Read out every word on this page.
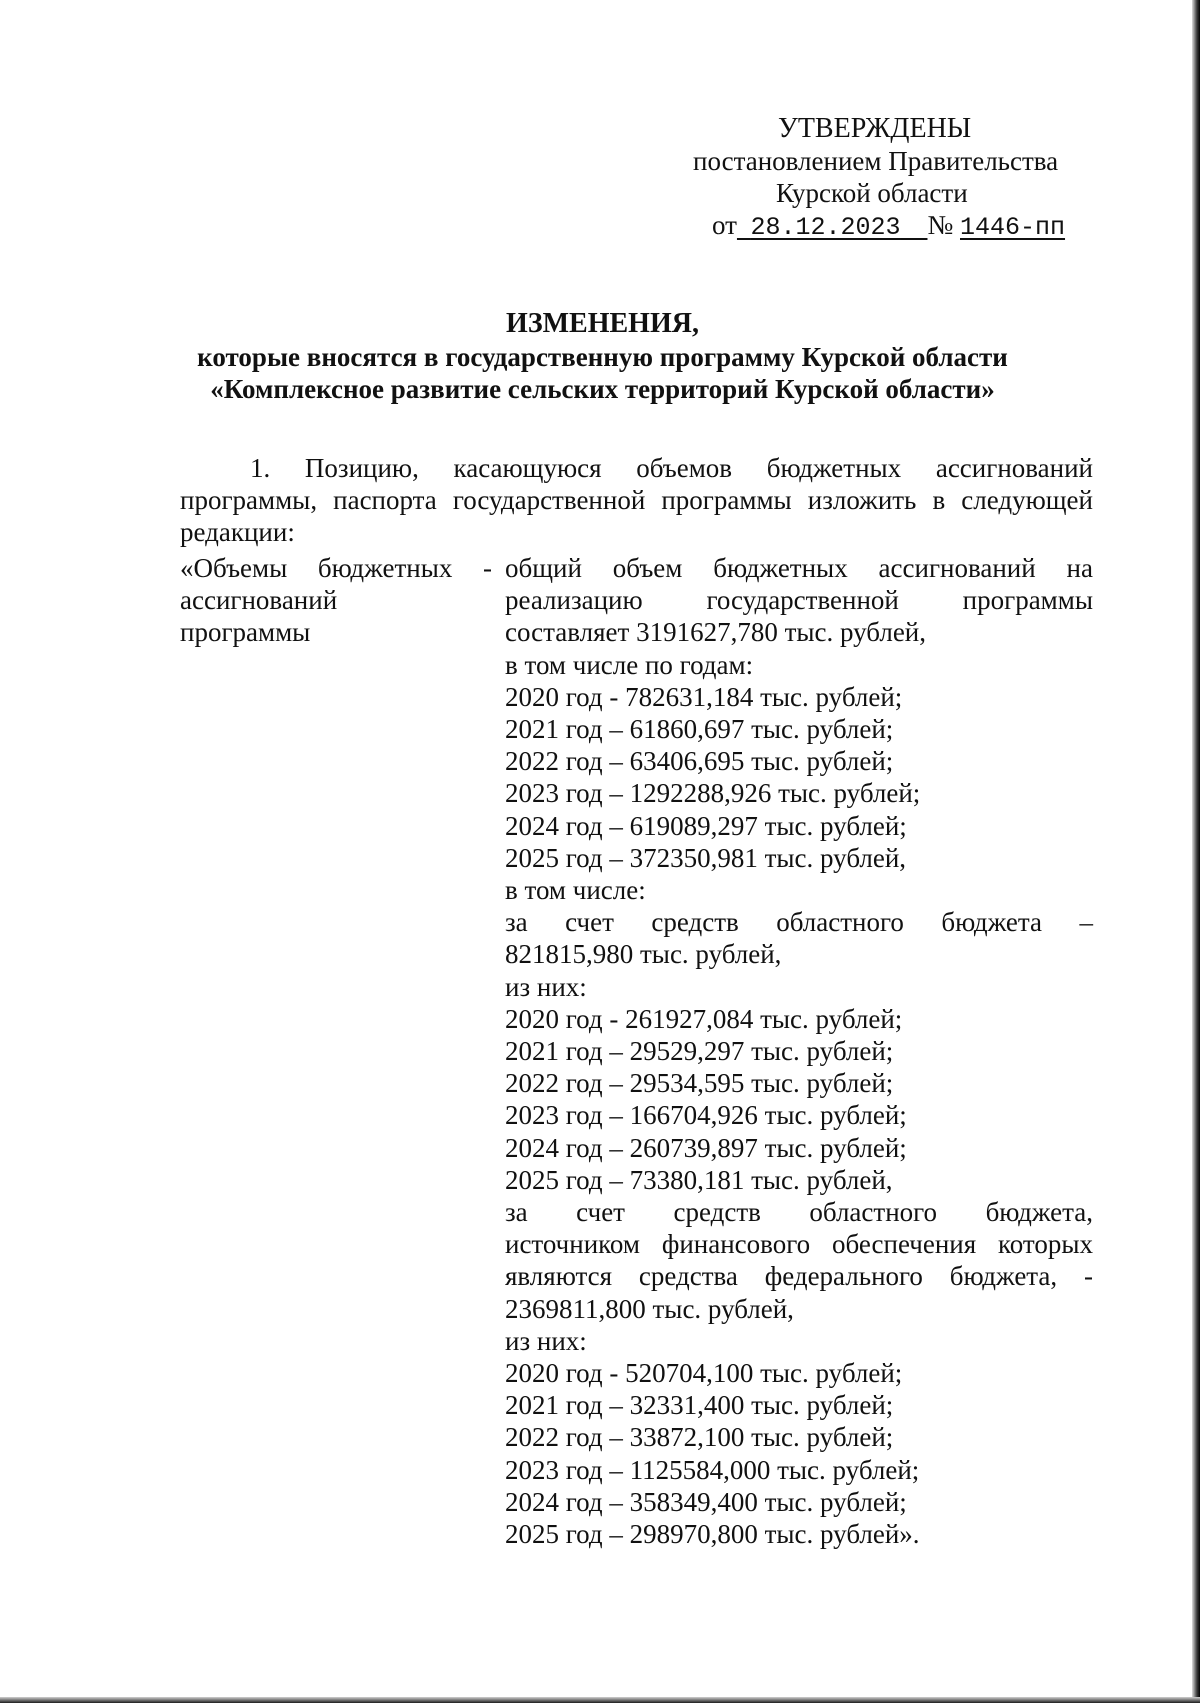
УТВЕРЖДЕНЫ
постановлением Правительства
Курской области
от 28.12.2023 № 1446-пп
ИЗМЕНЕНИЯ,
которые вносятся в государственную программу Курской области
«Комплексное развитие сельских территорий Курской области»

1. Позицию, касающуюся объемов бюджетных ассигнований программы, паспорта государственной программы изложить в следующей редакции:

«Объемы бюджетных -
ассигнований
программы
общий объем бюджетных ассигнований на
реализацию государственной программы
составляет 3191627,780 тыс. рублей,
в том числе по годам:
2020 год - 782631,184 тыс. рублей;
2021 год – 61860,697 тыс. рублей;
2022 год – 63406,695 тыс. рублей;
2023 год – 1292288,926 тыс. рублей;
2024 год – 619089,297 тыс. рублей;
2025 год – 372350,981 тыс. рублей,
в том числе:
за счет средств областного бюджета –
821815,980 тыс. рублей,
из них:
2020 год - 261927,084 тыс. рублей;
2021 год – 29529,297 тыс. рублей;
2022 год – 29534,595 тыс. рублей;
2023 год – 166704,926 тыс. рублей;
2024 год – 260739,897 тыс. рублей;
2025 год – 73380,181 тыс. рублей,
за счет средств областного бюджета,
источником финансового обеспечения которых
являются средства федерального бюджета, -
2369811,800 тыс. рублей,
из них:
2020 год - 520704,100 тыс. рублей;
2021 год – 32331,400 тыс. рублей;
2022 год – 33872,100 тыс. рублей;
2023 год – 1125584,000 тыс. рублей;
2024 год – 358349,400 тыс. рублей;
2025 год – 298970,800 тыс. рублей».
